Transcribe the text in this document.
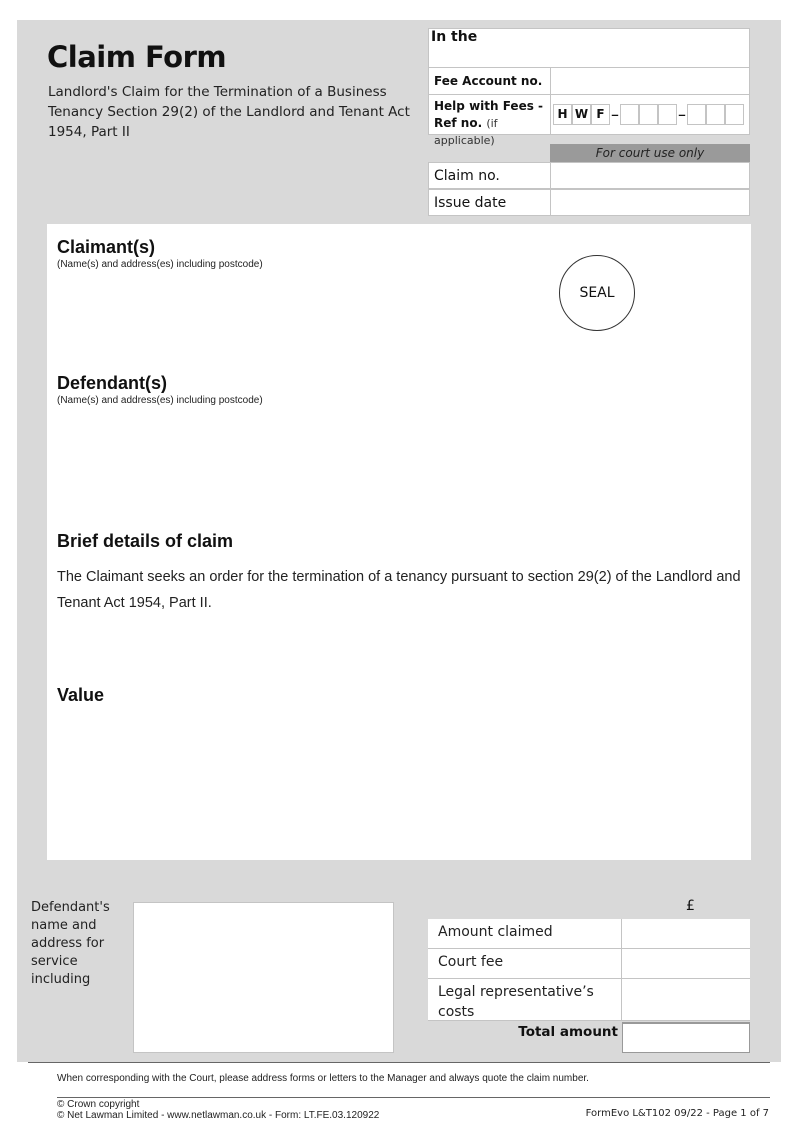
Claim Form
Landlord's Claim for the Termination of a Business Tenancy Section 29(2) of the Landlord and Tenant Act 1954, Part II
In the
Fee Account no.
Help with Fees -
Ref no. (if applicable)
H W F –	–
For court use only
Claim no.
Issue date
Claimant(s)
(Name(s) and address(es) including postcode)
SEAL
Defendant(s)
(Name(s) and address(es) including postcode)
Brief details of claim
The Claimant seeks an order for the termination of a tenancy pursuant to section 29(2) of the Landlord and Tenant Act 1954, Part II.
Value
Defendant's name and address for service including
£
Amount claimed
Court fee
Legal representative’s costs
Total amount
When corresponding with the Court, please address forms or letters to the Manager and always quote the claim number.
© Crown copyright
© Net Lawman Limited - www.netlawman.co.uk - Form: LT.FE.03.120922	FormEvo L&T102 09/22 - Page 1 of 7
